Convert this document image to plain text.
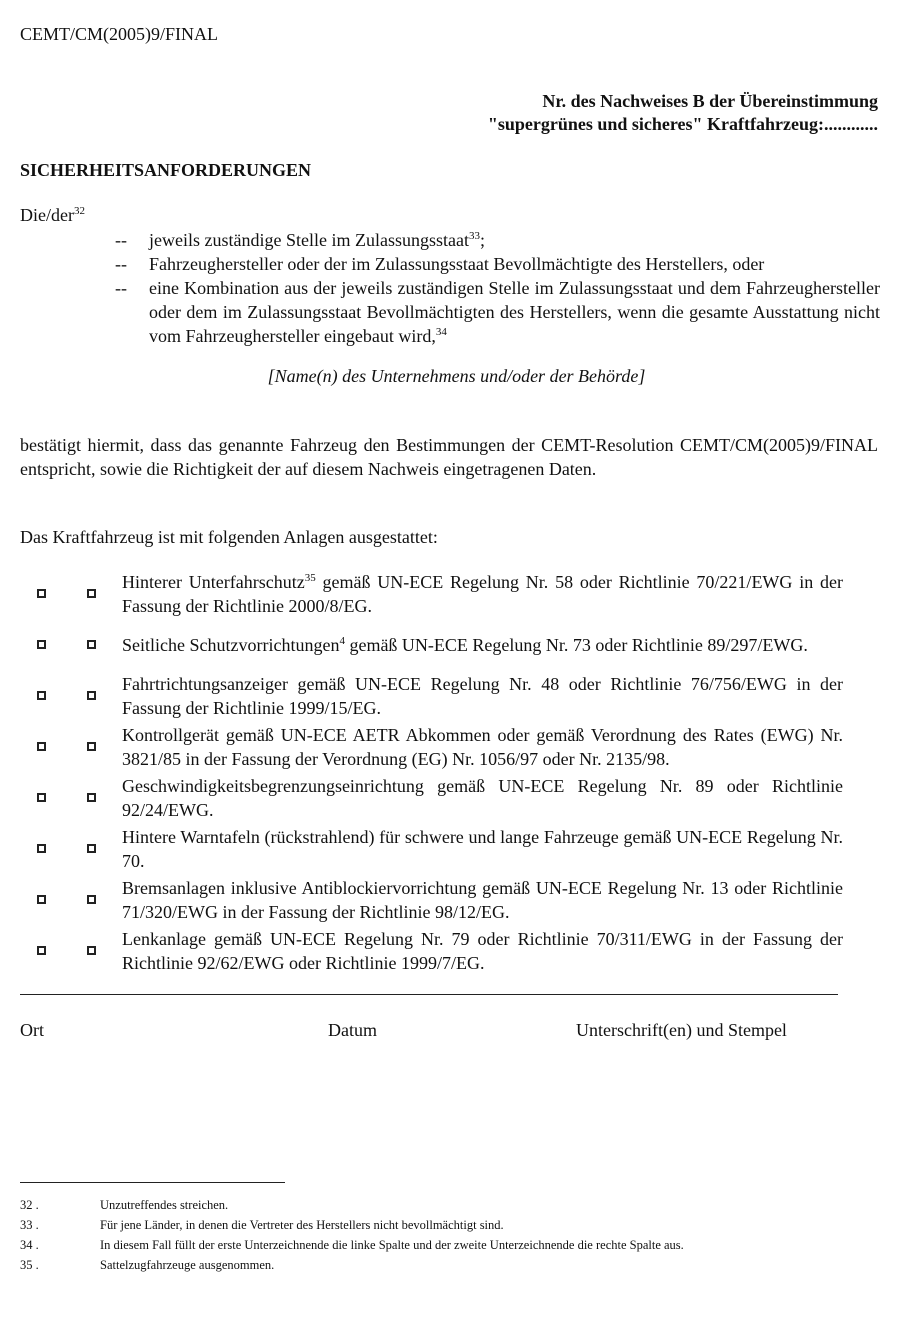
CEMT/CM(2005)9/FINAL
Nr. des Nachweises B der Übereinstimmung
"supergrünes und sicheres" Kraftfahrzeug:............
SICHERHEITSANFORDERUNGEN
Die/der$^{32}$
-- jeweils zuständige Stelle im Zulassungsstaat$^{33}$;
-- Fahrzeughersteller oder der im Zulassungsstaat Bevollmächtigte des Herstellers, oder
-- eine Kombination aus der jeweils zuständigen Stelle im Zulassungsstaat und dem Fahrzeughersteller oder dem im Zulassungsstaat Bevollmächtigten des Herstellers, wenn die gesamte Ausstattung nicht vom Fahrzeughersteller eingebaut wird,$^{34}$
[Name(n) des Unternehmens und/oder der Behörde]
bestätigt hiermit, dass das genannte Fahrzeug den Bestimmungen der CEMT-Resolution CEMT/CM(2005)9/FINAL entspricht, sowie die Richtigkeit der auf diesem Nachweis eingetragenen Daten.
Das Kraftfahrzeug ist mit folgenden Anlagen ausgestattet:
Hinterer Unterfahrschutz$^{35}$ gemäß UN-ECE Regelung Nr. 58 oder Richtlinie 70/221/EWG in der Fassung der Richtlinie 2000/8/EG.
Seitliche Schutzvorrichtungen$^4$ gemäß UN-ECE Regelung Nr. 73 oder Richtlinie 89/297/EWG.
Fahrtrichtungsanzeiger gemäß UN-ECE Regelung Nr. 48 oder Richtlinie 76/756/EWG in der Fassung der Richtlinie 1999/15/EG.
Kontrollgerät gemäß UN-ECE AETR Abkommen oder gemäß Verordnung des Rates (EWG) Nr. 3821/85 in der Fassung der Verordnung (EG) Nr. 1056/97 oder Nr. 2135/98.
Geschwindigkeitsbegrenzungseinrichtung gemäß UN-ECE Regelung Nr. 89 oder Richtlinie 92/24/EWG.
Hintere Warntafeln (rückstrahlend) für schwere und lange Fahrzeuge gemäß UN-ECE Regelung Nr. 70.
Bremsanlagen inklusive Antiblockiervorrichtung gemäß UN-ECE Regelung Nr. 13 oder Richtlinie 71/320/EWG in der Fassung der Richtlinie 98/12/EG.
Lenkanlage gemäß UN-ECE Regelung Nr. 79 oder Richtlinie 70/311/EWG in der Fassung der Richtlinie 92/62/EWG oder Richtlinie 1999/7/EG.
Ort	Datum	Unterschrift(en) und Stempel
32 .	Unzutreffendes streichen.
33 .	Für jene Länder, in denen die Vertreter des Herstellers nicht bevollmächtigt sind.
34 .	In diesem Fall füllt der erste Unterzeichnende die linke Spalte und der zweite Unterzeichnende die rechte Spalte aus.
35 .	Sattelzugfahrzeuge ausgenommen.
